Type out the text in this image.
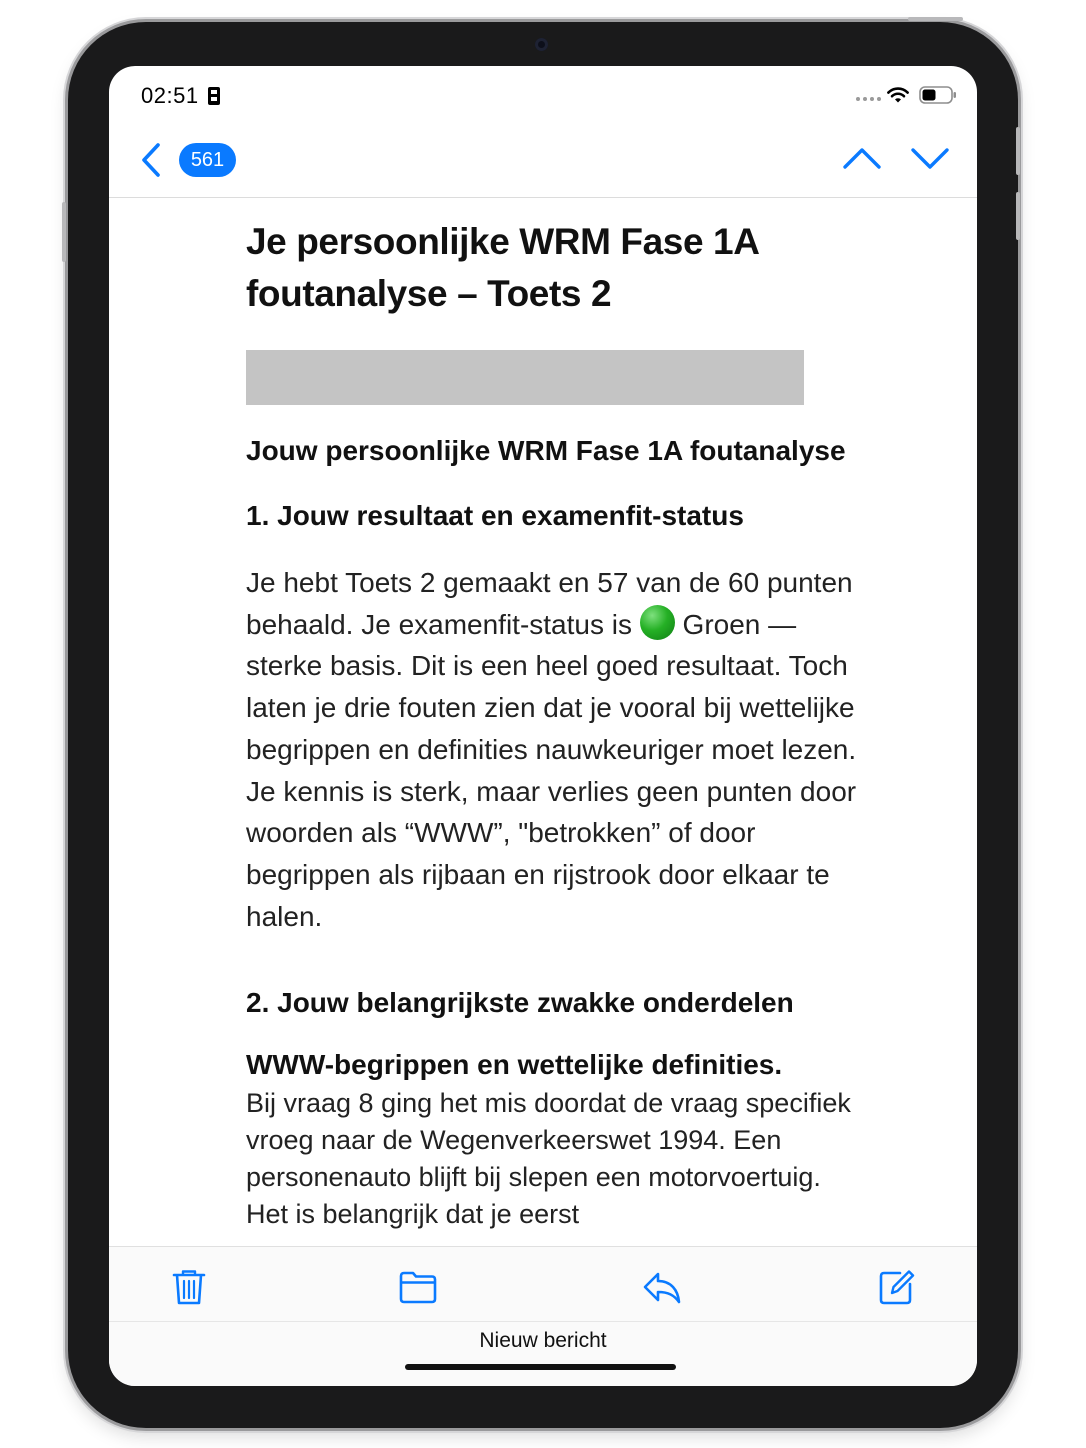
02:51
561
Je persoonlijke WRM Fase 1A foutanalyse – Toets 2
Jouw persoonlijke WRM Fase 1A foutanalyse
1. Jouw resultaat en examenfit-status

Je hebt Toets 2 gemaakt en 57 van de 60 punten behaald. Je examenfit-status is Groen — sterke basis. Dit is een heel goed resultaat. Toch laten je drie fouten zien dat je vooral bij wettelijke begrippen en definities nauwkeuriger moet lezen. Je kennis is sterk, maar verlies geen punten door woorden als “WWW”, "betrokken” of door begrippen als rijbaan en rijstrook door elkaar te halen.

2. Jouw belangrijkste zwakke onderdelen
WWW-begrippen en wettelijke definities.

Bij vraag 8 ging het mis doordat de vraag specifiek vroeg naar de Wegenverkeerswet 1994. Een personenauto blijft bij slepen een motorvoertuig. Het is belangrijk dat je eerst

Nieuw bericht
